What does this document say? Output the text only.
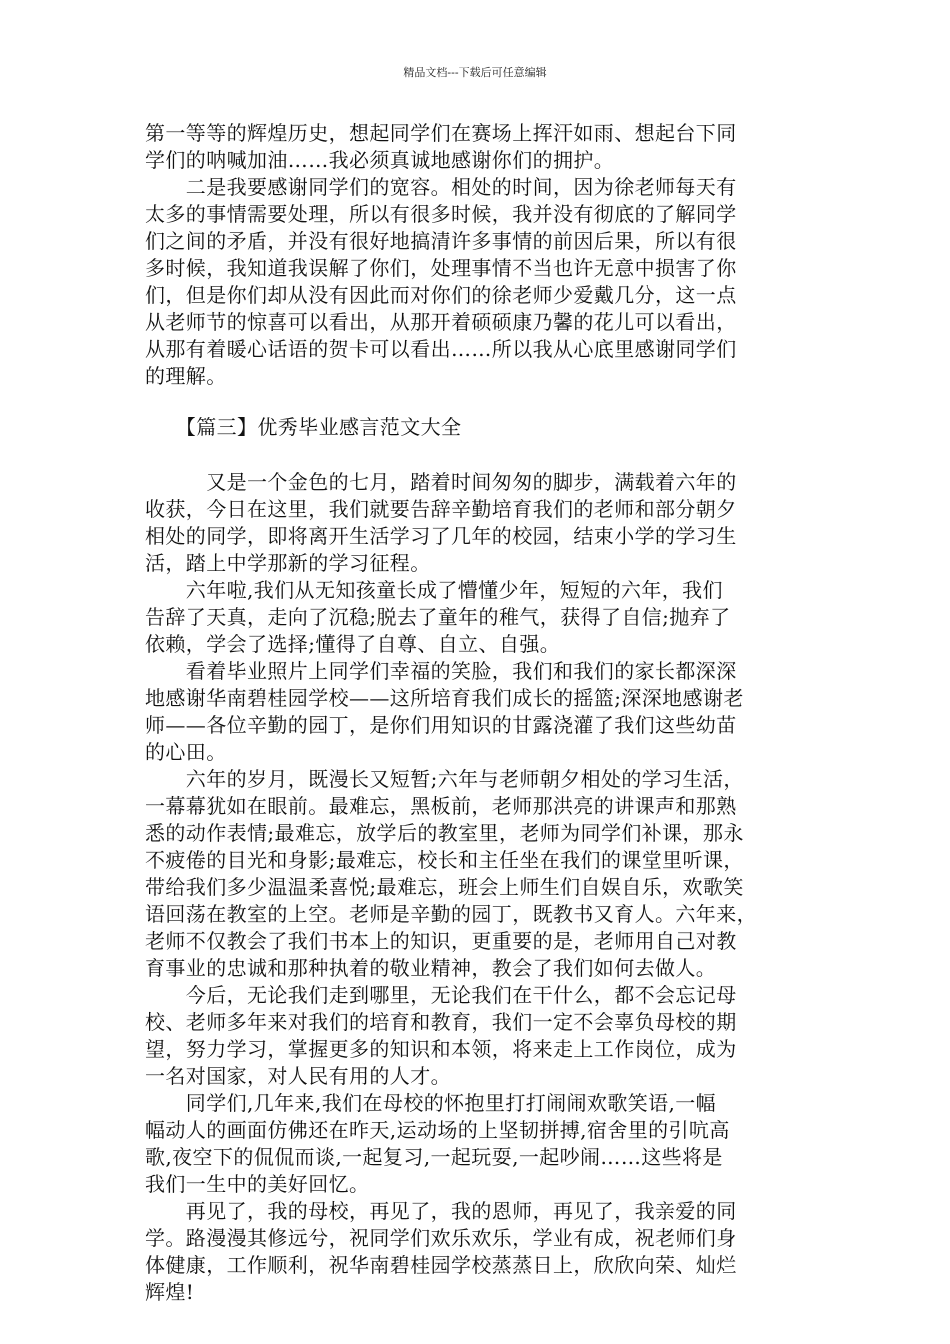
精品文档---下载后可任意编辑
第一等等的辉煌历史，想起同学们在赛场上挥汗如雨、想起台下同
学们的呐喊加油……我必须真诚地感谢你们的拥护。
　　二是我要感谢同学们的宽容。相处的时间，因为徐老师每天有
太多的事情需要处理，所以有很多时候，我并没有彻底的了解同学
们之间的矛盾，并没有很好地搞清许多事情的前因后果，所以有很
多时候，我知道我误解了你们，处理事情不当也许无意中损害了你
们，但是你们却从没有因此而对你们的徐老师少爱戴几分，这一点
从老师节的惊喜可以看出，从那开着硕硕康乃馨的花儿可以看出，
从那有着暖心话语的贺卡可以看出……所以我从心底里感谢同学们
的理解。
　　【篇三】优秀毕业感言范文大全
　　　又是一个金色的七月，踏着时间匆匆的脚步，满载着六年的
收获，今日在这里，我们就要告辞辛勤培育我们的老师和部分朝夕
相处的同学，即将离开生活学习了几年的校园，结束小学的学习生
活，踏上中学那新的学习征程。
　　六年啦,我们从无知孩童长成了懵懂少年，短短的六年，我们
告辞了天真，走向了沉稳;脱去了童年的稚气，获得了自信;抛弃了
依赖，学会了选择;懂得了自尊、自立、自强。
　　看着毕业照片上同学们幸福的笑脸，我们和我们的家长都深深
地感谢华南碧桂园学校——这所培育我们成长的摇篮;深深地感谢老
师——各位辛勤的园丁，是你们用知识的甘露浇灌了我们这些幼苗
的心田。
　　六年的岁月，既漫长又短暂;六年与老师朝夕相处的学习生活，
一幕幕犹如在眼前。最难忘，黑板前，老师那洪亮的讲课声和那熟
悉的动作表情;最难忘，放学后的教室里，老师为同学们补课，那永
不疲倦的目光和身影;最难忘，校长和主任坐在我们的课堂里听课，
带给我们多少温温柔喜悦;最难忘，班会上师生们自娱自乐，欢歌笑
语回荡在教室的上空。老师是辛勤的园丁，既教书又育人。六年来，
老师不仅教会了我们书本上的知识，更重要的是，老师用自己对教
育事业的忠诚和那种执着的敬业精神，教会了我们如何去做人。
　　今后，无论我们走到哪里，无论我们在干什么，都不会忘记母
校、老师多年来对我们的培育和教育，我们一定不会辜负母校的期
望，努力学习，掌握更多的知识和本领，将来走上工作岗位，成为
一名对国家，对人民有用的人才。
　　同学们,几年来,我们在母校的怀抱里打打闹闹欢歌笑语,一幅
幅动人的画面仿佛还在昨天,运动场的上坚韧拼搏,宿舍里的引吭高
歌,夜空下的侃侃而谈,一起复习,一起玩耍,一起吵闹……这些将是
我们一生中的美好回忆。
　　再见了，我的母校，再见了，我的恩师，再见了，我亲爱的同
学。路漫漫其修远兮，祝同学们欢乐欢乐，学业有成，祝老师们身
体健康，工作顺利，祝华南碧桂园学校蒸蒸日上，欣欣向荣、灿烂
辉煌!
